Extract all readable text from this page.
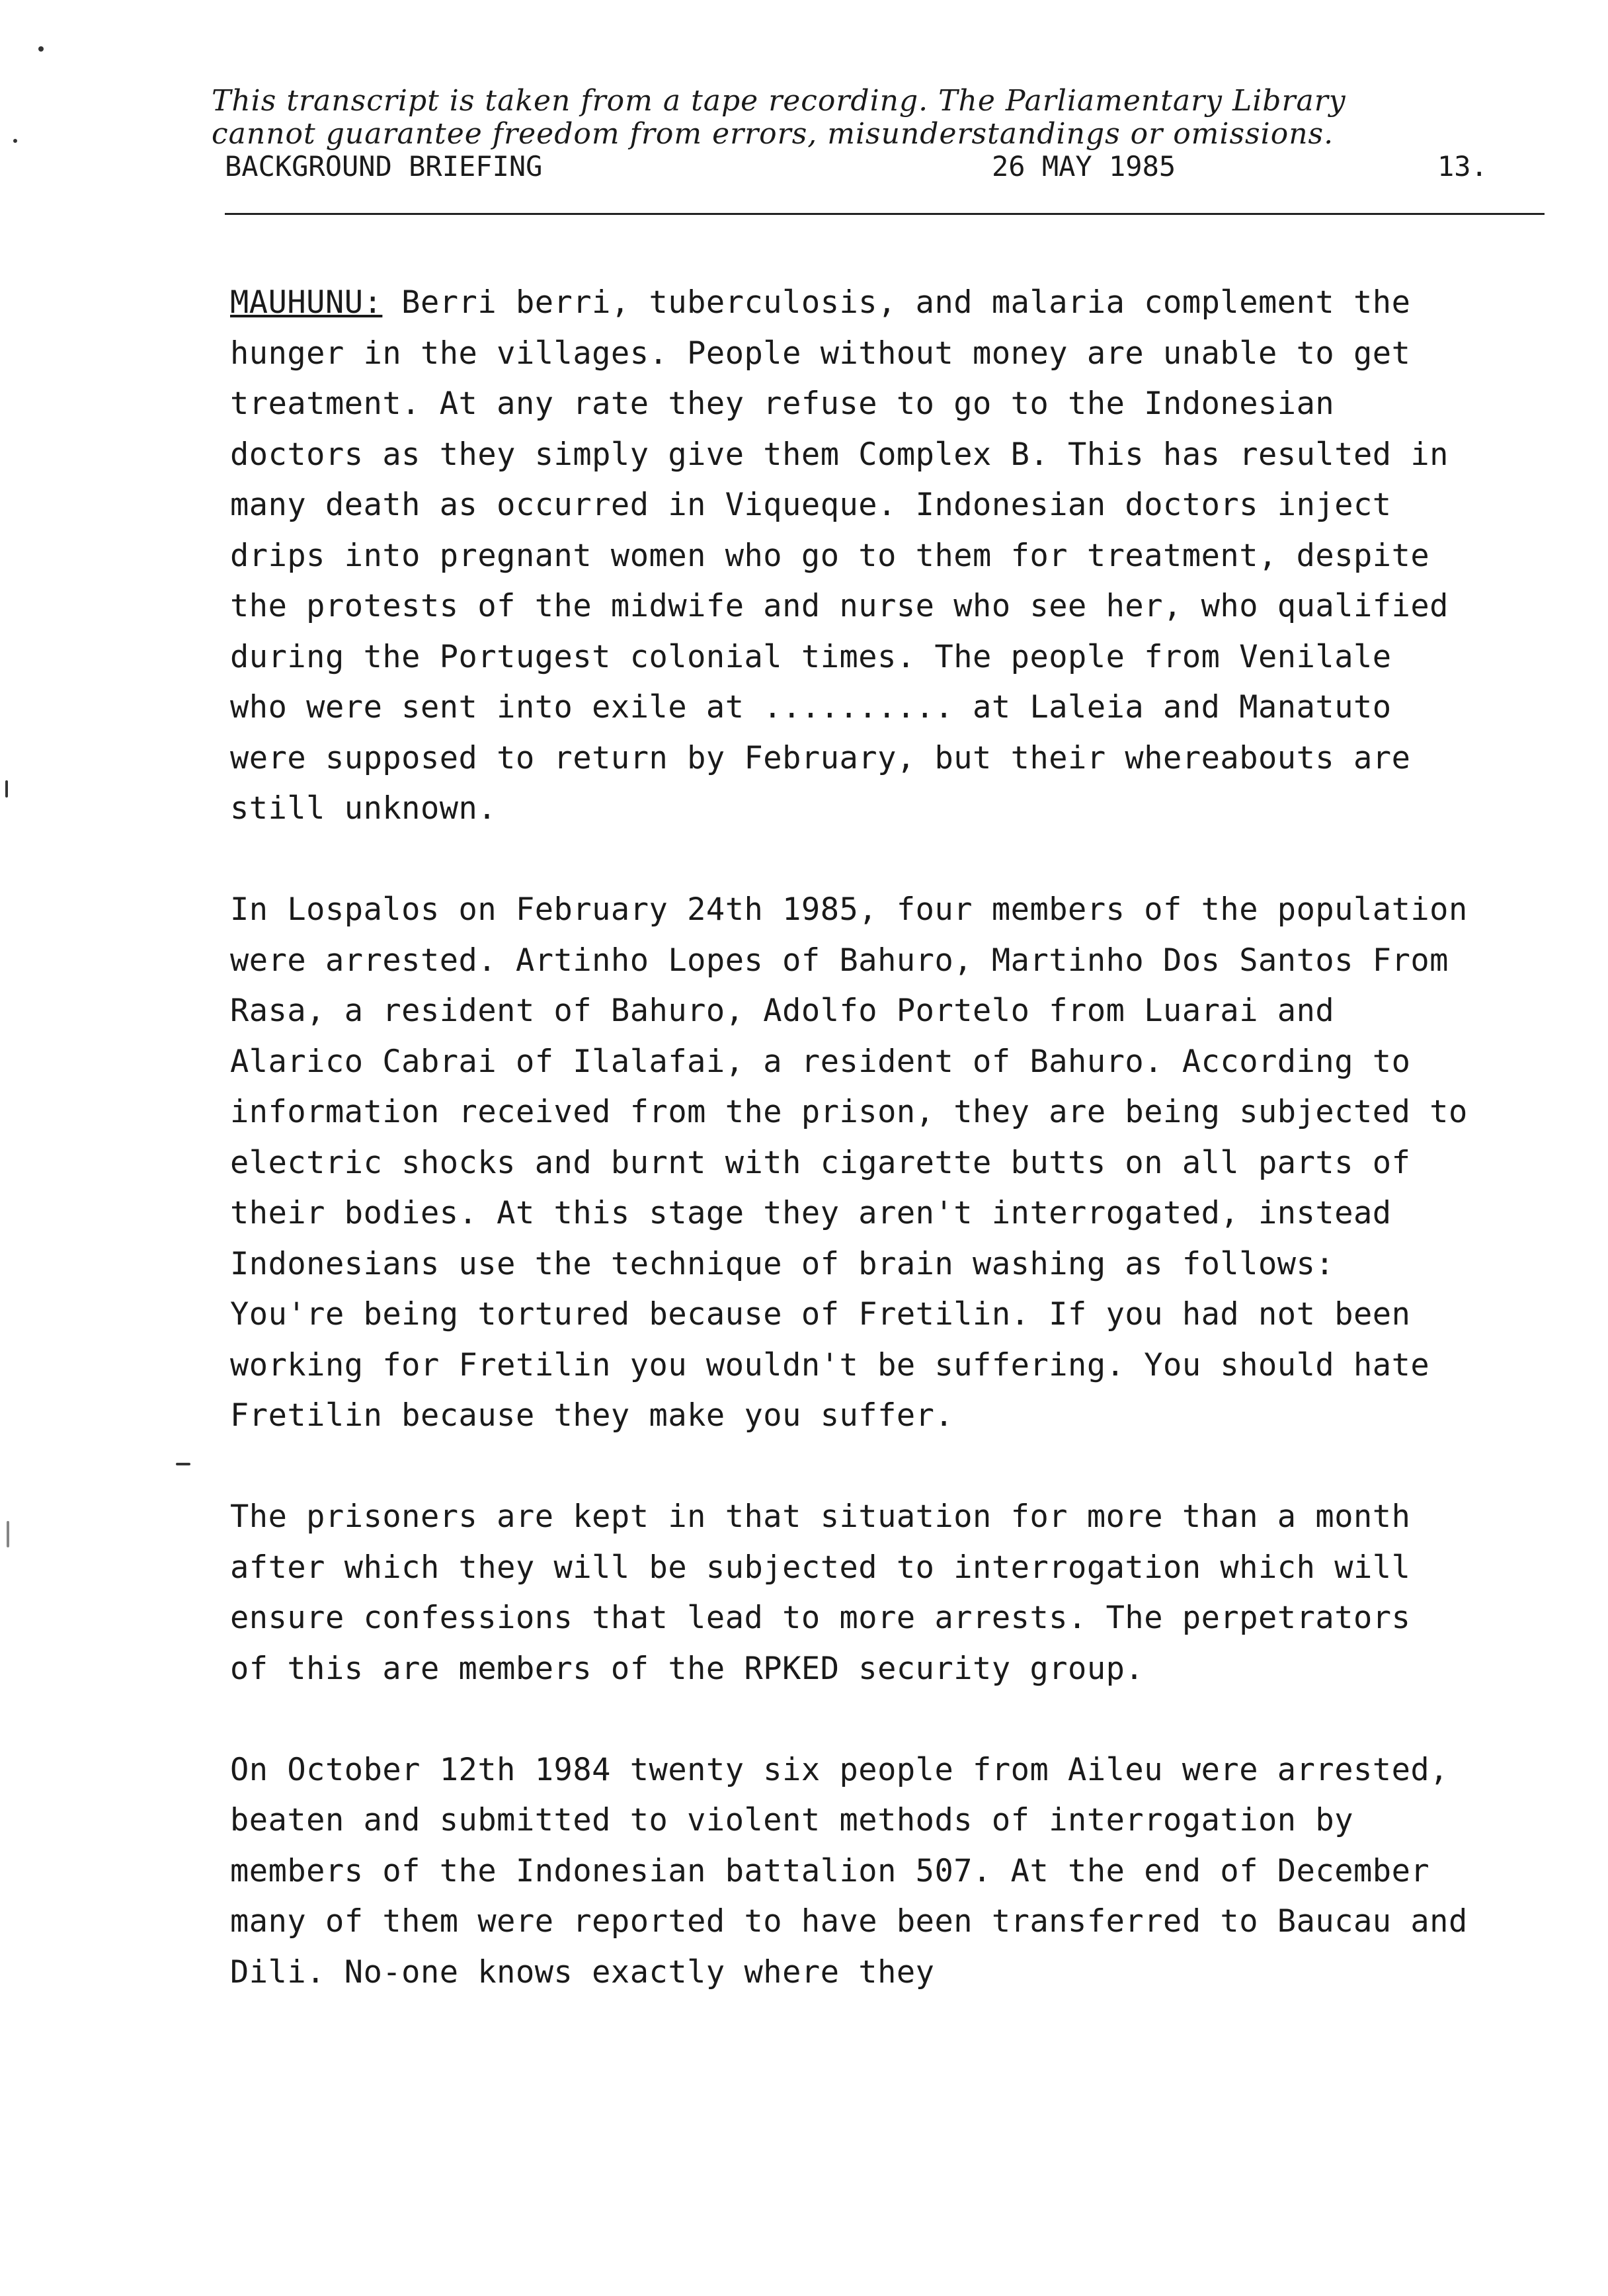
This transcript is taken from a tape recording. The Parliamentary Library
cannot guarantee freedom from errors, misunderstandings or omissions.
BACKGROUND BRIEFING	26 MAY 1985	13.
MAUHUNU: Berri berri, tuberculosis, and malaria complement the
hunger in the villages. People without money are unable to get
treatment. At any rate they refuse to go to the Indonesian
doctors as they simply give them Complex B. This has resulted in
many death as occurred in Viqueque. Indonesian doctors inject
drips into pregnant women who go to them for treatment, despite
the protests of the midwife and nurse who see her, who qualified
during the Portugest colonial times. The people from Venilale
who were sent into exile at .......... at Laleia and Manatuto
were supposed to return by February, but their whereabouts are
still unknown.
In Lospalos on February 24th 1985, four members of the population
were arrested. Artinho Lopes of Bahuro, Martinho Dos Santos From
Rasa, a resident of Bahuro, Adolfo Portelo from Luarai and
Alarico Cabrai of Ilalafai, a resident of Bahuro. According to
information received from the prison, they are being subjected to
electric shocks and burnt with cigarette butts on all parts of
their bodies. At this stage they aren't interrogated, instead
Indonesians use the technique of brain washing as follows:
You're being tortured because of Fretilin. If you had not been
working for Fretilin you wouldn't be suffering. You should hate
Fretilin because they make you suffer.
The prisoners are kept in that situation for more than a month
after which they will be subjected to interrogation which will
ensure confessions that lead to more arrests. The perpetrators
of this are members of the RPKED security group.
On October 12th 1984 twenty six people from Aileu were arrested,
beaten and submitted to violent methods of interrogation by
members of the Indonesian battalion 507. At the end of December
many of them were reported to have been transferred to Baucau and
Dili. No-one knows exactly where they
